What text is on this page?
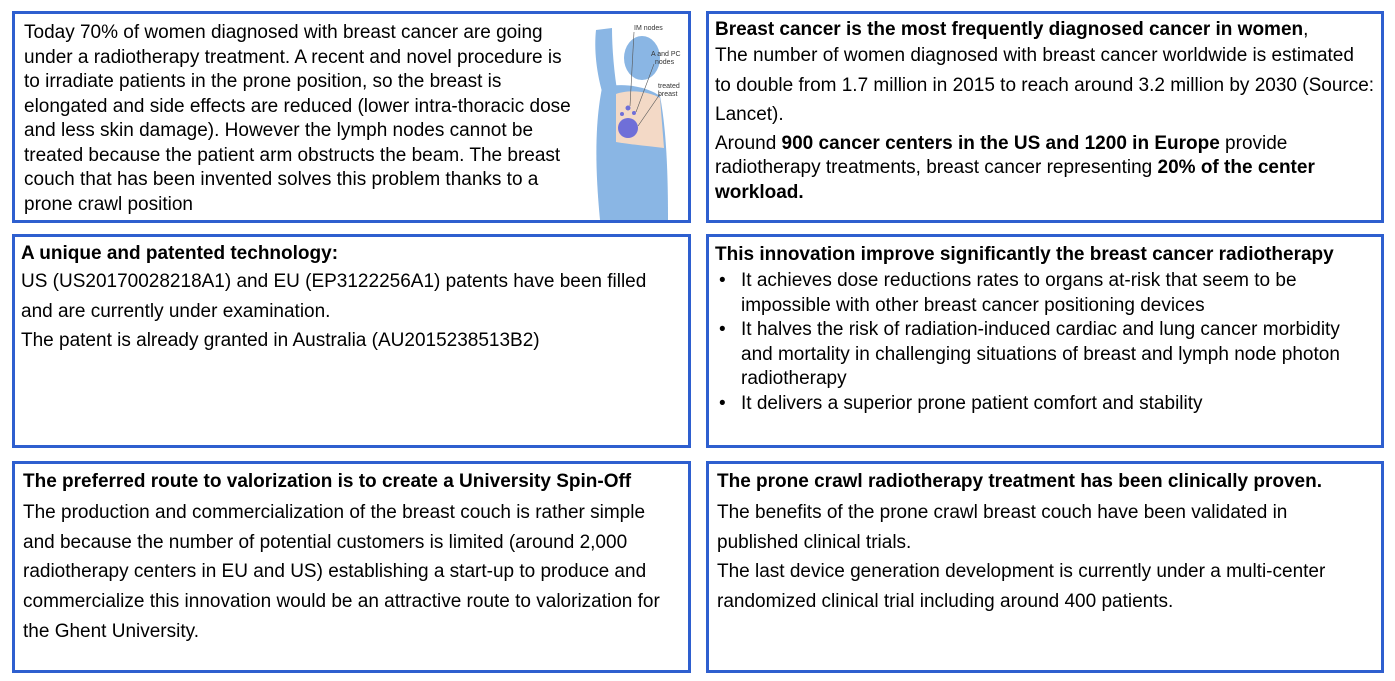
Today 70% of women diagnosed with breast cancer are going under a radiotherapy treatment. A recent and novel procedure is to irradiate patients in the prone position, so the breast is elongated and side effects are reduced (lower intra-thoracic dose and less skin damage). However the lymph nodes cannot be treated because the patient arm obstructs the beam. The breast couch that has been invented solves this problem thanks to a prone crawl position

IM nodes
A and PC
nodes
treated
breast

Breast cancer is the most frequently diagnosed cancer in women,

The number of women diagnosed with breast cancer worldwide is estimated to double from 1.7 million in 2015 to reach around 3.2 million by 2030 (Source: Lancet).

Around 900 cancer centers in the US and 1200 in Europe provide radiotherapy treatments, breast cancer representing 20% of the center workload.

A unique and patented technology:

US (US20170028218A1) and EU (EP3122256A1) patents have been filled and are currently under examination.

The patent is already granted in Australia (AU2015238513B2)

This innovation improve significantly the breast cancer radiotherapy

• It achieves dose reductions rates to organs at-risk that seem to be impossible with other breast cancer positioning devices
• It halves the risk of radiation-induced cardiac and lung cancer morbidity and mortality in challenging situations of breast and lymph node photon radiotherapy
• It delivers a superior prone patient comfort and stability

The preferred route to valorization is to create a University Spin-Off

The production and commercialization of the breast couch is rather simple and because the number of potential customers is limited (around 2,000 radiotherapy centers in EU and US) establishing a start-up to produce and commercialize this innovation would be an attractive route to valorization for the Ghent University.

The prone crawl radiotherapy treatment has been clinically proven.

The benefits of the prone crawl breast couch have been validated in published clinical trials.

The last device generation development is currently under a multi-center randomized clinical trial including around 400 patients.
